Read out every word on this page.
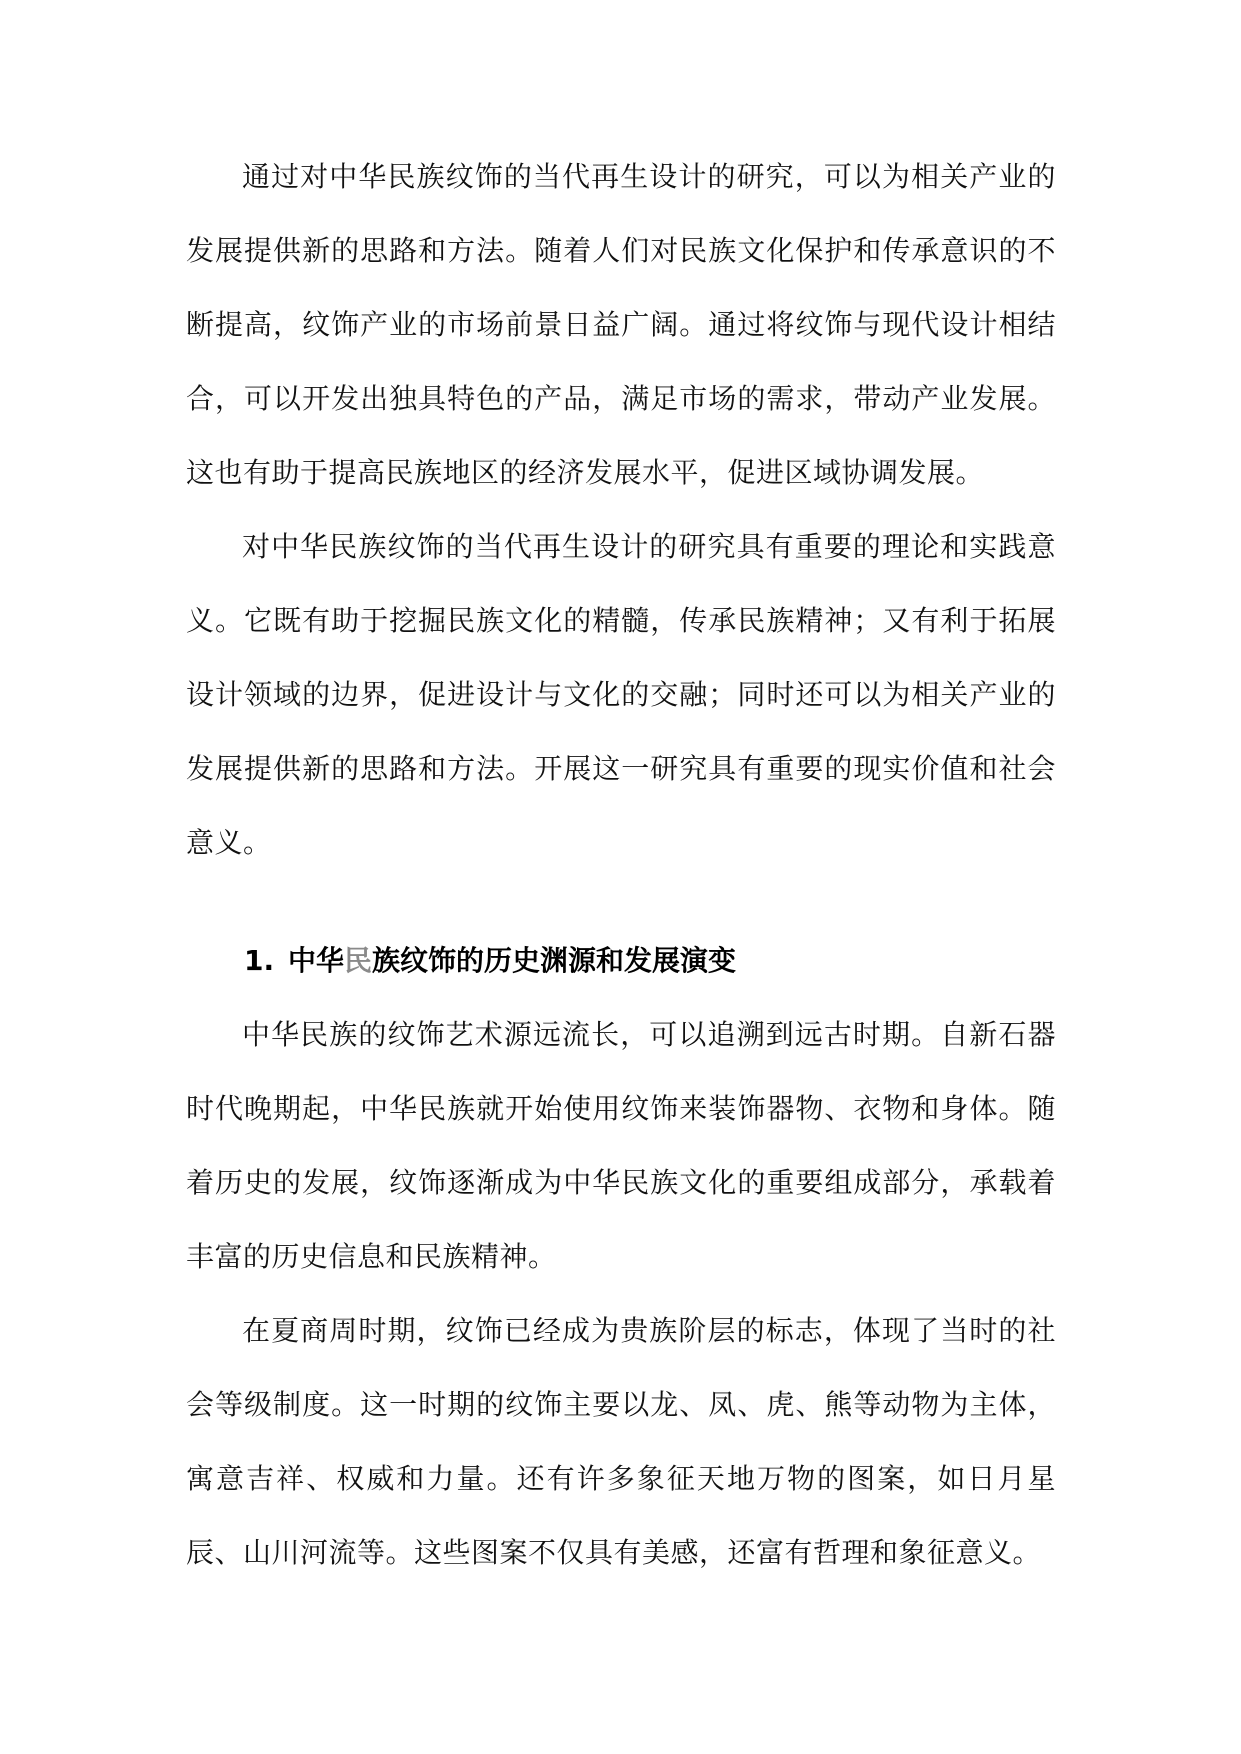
通过对中华民族纹饰的当代再生设计的研究，可以为相关产业的发展提供新的思路和方法。随着人们对民族文化保护和传承意识的不断提高，纹饰产业的市场前景日益广阔。通过将纹饰与现代设计相结合，可以开发出独具特色的产品，满足市场的需求，带动产业发展。这也有助于提高民族地区的经济发展水平，促进区域协调发展。

对中华民族纹饰的当代再生设计的研究具有重要的理论和实践意义。它既有助于挖掘民族文化的精髓，传承民族精神；又有利于拓展设计领域的边界，促进设计与文化的交融；同时还可以为相关产业的发展提供新的思路和方法。开展这一研究具有重要的现实价值和社会意义。

1. 中华民族纹饰的历史渊源和发展演变

中华民族的纹饰艺术源远流长，可以追溯到远古时期。自新石器时代晚期起，中华民族就开始使用纹饰来装饰器物、衣物和身体。随着历史的发展，纹饰逐渐成为中华民族文化的重要组成部分，承载着丰富的历史信息和民族精神。

在夏商周时期，纹饰已经成为贵族阶层的标志，体现了当时的社会等级制度。这一时期的纹饰主要以龙、凤、虎、熊等动物为主体，寓意吉祥、权威和力量。还有许多象征天地万物的图案，如日月星辰、山川河流等。这些图案不仅具有美感，还富有哲理和象征意义。
